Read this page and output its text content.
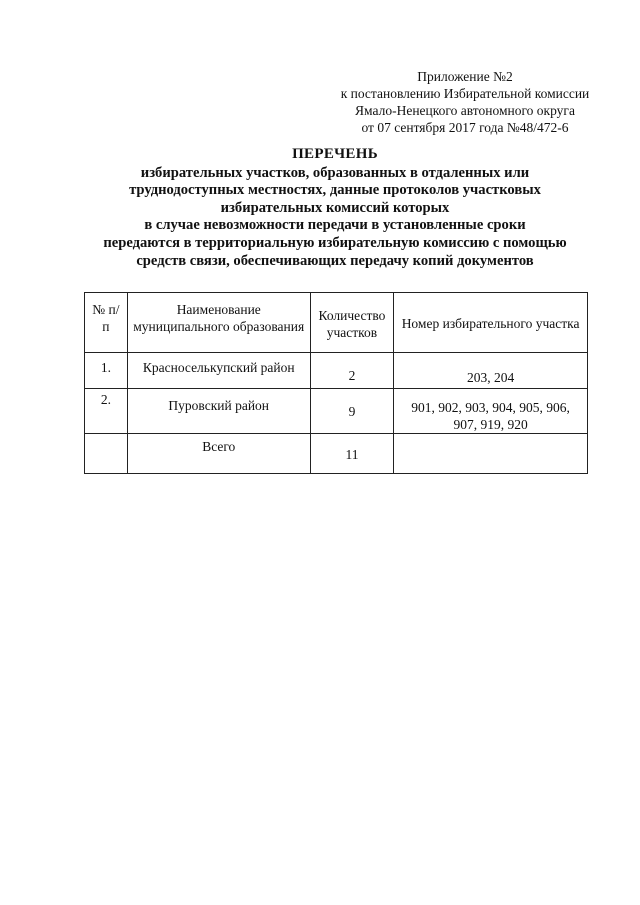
Приложение №2
к постановлению Избирательной комиссии
Ямало-Ненецкого автономного округа
от 07 сентября 2017 года №48/472-6
ПЕРЕЧЕНЬ
избирательных участков, образованных в отдаленных или
труднодоступных местностях, данные протоколов участковых
избирательных комиссий которых
в случае невозможности передачи в установленные сроки
передаются в территориальную избирательную комиссию с помощью
средств связи, обеспечивающих передачу копий документов
№ п/п	Наименование муниципального образования	Количество участков	Номер избирательного участка
1.	Красноселькупский район	2	203, 204
2.	Пуровский район	9	901, 902, 903, 904, 905, 906, 907, 919, 920
	Всего	11	
